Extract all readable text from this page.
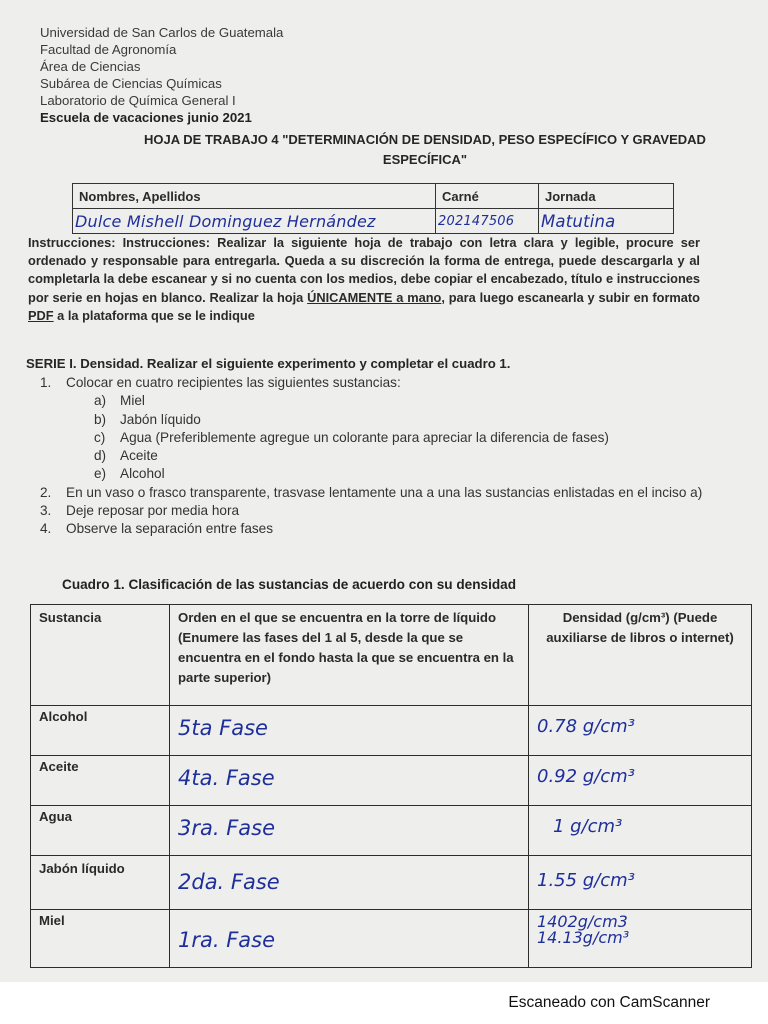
Universidad de San Carlos de Guatemala
Facultad de Agronomía
Área de Ciencias
Subárea de Ciencias Químicas
Laboratorio de Química General I
Escuela de vacaciones junio 2021
HOJA DE TRABAJO 4 "DETERMINACIÓN DE DENSIDAD, PESO ESPECÍFICO Y GRAVEDAD
ESPECÍFICA"
Nombres, Apellidos	Carné	Jornada
Dulce Mishell Dominguez Hernández	202147506	Matutina
Instrucciones: Instrucciones: Realizar la siguiente hoja de trabajo con letra clara y legible, procure ser ordenado y responsable para entregarla. Queda a su discreción la forma de entrega, puede descargarla y al completarla la debe escanear y si no cuenta con los medios, debe copiar el encabezado, título e instrucciones por serie en hojas en blanco. Realizar la hoja ÚNICAMENTE a mano, para luego escanearla y subir en formato PDF a la plataforma que se le indique
SERIE I. Densidad. Realizar el siguiente experimento y completar el cuadro 1.
1.	Colocar en cuatro recipientes las siguientes sustancias:
a)	Miel
b)	Jabón líquido
c)	Agua (Preferiblemente agregue un colorante para apreciar la diferencia de fases)
d)	Aceite
e)	Alcohol
2.	En un vaso o frasco transparente, trasvase lentamente una a una las sustancias enlistadas en el inciso a)
3.	Deje reposar por media hora
4.	Observe la separación entre fases
Cuadro 1. Clasificación de las sustancias de acuerdo con su densidad
Sustancia	Orden en el que se encuentra en la torre de líquido (Enumere las fases del 1 al 5, desde la que se encuentra en el fondo hasta la que se encuentra en la parte superior)	Densidad (g/cm³) (Puede auxiliarse de libros o internet)
Alcohol	5ta Fase	0.78 g/cm³
Aceite	4ta. Fase	0.92 g/cm³
Agua	3ra. Fase	1 g/cm³
Jabón líquido	2da. Fase	1.55 g/cm³
Miel	1ra. Fase	1402g/cm3
14.13g/cm³
Escaneado con CamScanner
